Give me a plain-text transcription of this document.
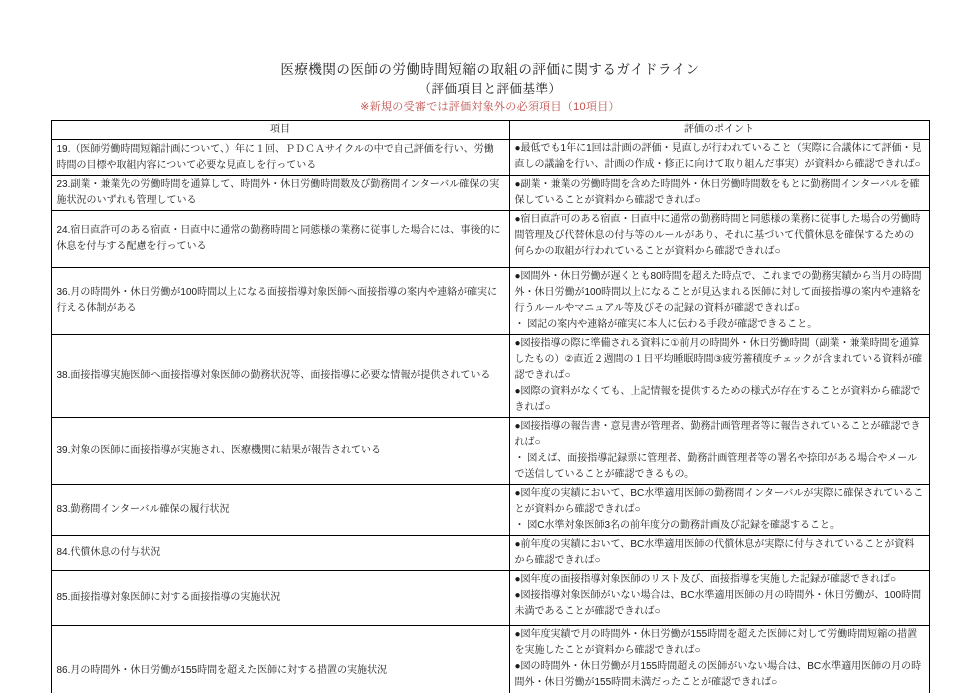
医療機関の医師の労働時間短縮の取組の評価に関するガイドライン
（評価項目と評価基準）
※新規の受審では評価対象外の必須項目（10項目）
項目	評価のポイント

19.（医師労働時間短縮計画について、）年に１回、ＰＤＣＡサイクルの中で自己評価を行い、労働時間の目標や取組内容について必要な見直しを行っている	●最低でも1年に1回は計画の評価・見直しが行われていること（実際に合議体にて評価・見直しの議論を行い、計画の作成・修正に向けて取り組んだ事実）が資料から確認できれば○

23.副業・兼業先の労働時間を通算して、時間外・休日労働時間数及び勤務間インターバル確保の実施状況のいずれも管理している	●副業・兼業の労働時間を含めた時間外・休日労働時間数をもとに勤務間インターバルを確保していることが資料から確認できれば○

24.宿日直許可のある宿直・日直中に通常の勤務時間と同態様の業務に従事した場合には、事後的に休息を付与する配慮を行っている	●宿日直許可のある宿直・日直中に通常の勤務時間と同態様の業務に従事した場合の労働時間管理及び代替休息の付与等のルールがあり、それに基づいて代償休息を確保するための何らかの取組が行われていることが資料から確認できれば○

36.月の時間外・休日労働が100時間以上になる面接指導対象医師へ面接指導の案内や連絡が確実に行える体制がある	●図間外・休日労働が遅くとも80時間を超えた時点で、これまでの勤務実績から当月の時間外・休日労働が100時間以上になることが見込まれる医師に対して面接指導の案内や連絡を行うルールやマニュアル等及びその記録の資料が確認できれば○
・ 図記の案内や連絡が確実に本人に伝わる手段が確認できること。

38.面接指導実施医師へ面接指導対象医師の勤務状況等、面接指導に必要な情報が提供されている	●図接指導の際に準備される資料に①前月の時間外・休日労働時間（副業・兼業時間を通算したもの）②直近２週間の１日平均睡眠時間③疲労蓄積度チェックが含まれている資料が確認できれば○
●図際の資料がなくても、上記情報を提供するための様式が存在することが資料から確認できれば○

39.対象の医師に面接指導が実施され、医療機関に結果が報告されている	●図接指導の報告書・意見書が管理者、勤務計画管理者等に報告されていることが確認できれば○
・ 図えば、面接指導記録票に管理者、勤務計画管理者等の署名や捺印がある場合やメールで送信していることが確認できるもの。

83.勤務間インターバル確保の履行状況	●図年度の実績において、BC水準適用医師の勤務間インターバルが実際に確保されていることが資料から確認できれば○
・ 図C水準対象医師3名の前年度分の勤務計画及び記録を確認すること。

84.代償休息の付与状況	●前年度の実績において、BC水準適用医師の代償休息が実際に付与されていることが資料から確認できれば○

85.面接指導対象医師に対する面接指導の実施状況	●図年度の面接指導対象医師のリスト及び、面接指導を実施した記録が確認できれば○
●図接指導対象医師がいない場合は、BC水準適用医師の月の時間外・休日労働が、100時間未満であることが確認できれば○

86.月の時間外・休日労働が155時間を超えた医師に対する措置の実施状況	●図年度実績で月の時間外・休日労働が155時間を超えた医師に対して労働時間短縮の措置を実施したことが資料から確認できれば○
●図の時間外・休日労働が月155時間超えの医師がいない場合は、BC水準適用医師の月の時間外・休日労働が155時間未満だったことが確認できれば○
